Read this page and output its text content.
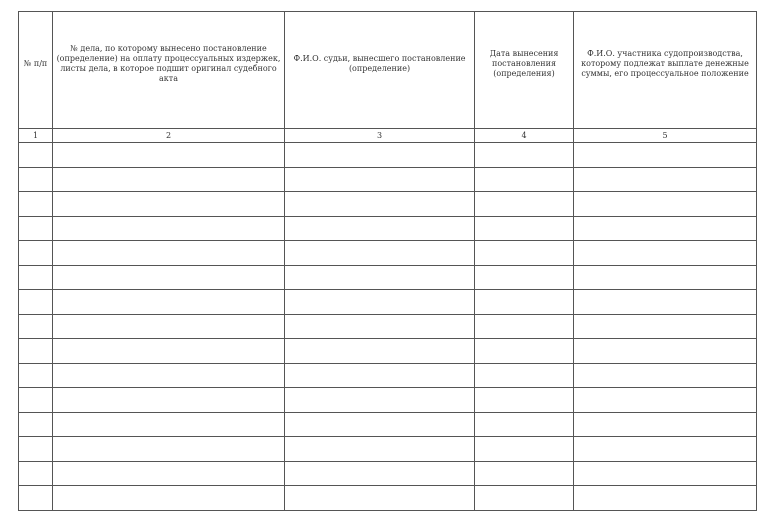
№ п/п	№ дела, по которому вынесено постановление (определение) на оплату процессуальных издержек, листы дела, в которое подшит оригинал судебного акта	Ф.И.О. судьи, вынесшего постановление (определение)	Дата вынесения постановления (определения)	Ф.И.О. участника судопроизводства, которому подлежат выплате денежные суммы, его процессуальное положение

1	2	3	4	5
